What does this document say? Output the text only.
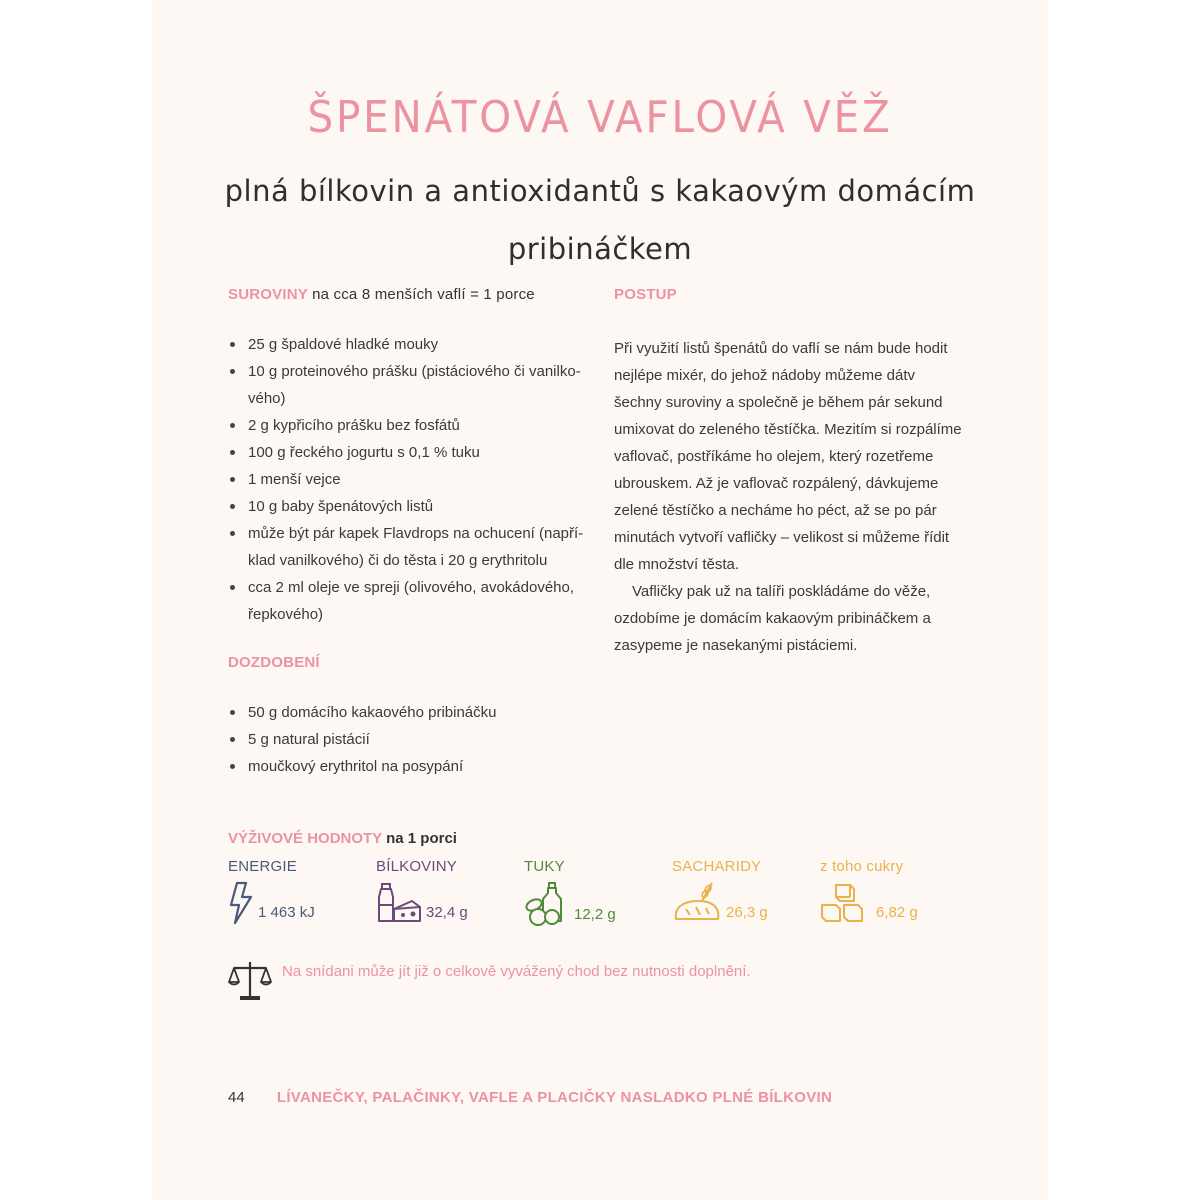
ŠPENÁTOVÁ VAFLOVÁ VĚŽ
plná bílkovin a antioxidantů s kakaovým domácím
pribináčkem
SUROVINY na cca 8 menších vaflí = 1 porce
25 g špaldové hladké mouky
10 g proteinového prášku (pistáciového či vanilko-vého)
2 g kypřicího prášku bez fosfátů
100 g řeckého jogurtu s 0,1 % tuku
1 menší vejce
10 g baby špenátových listů
může být pár kapek Flavdrops na ochucení (napří-klad vanilkového) či do těsta i 20 g erythritolu
cca 2 ml oleje ve spreji (olivového, avokádového, řepkového)
DOZDOBENÍ
50 g domácího kakaového pribináčku
5 g natural pistácií
moučkový erythritol na posypání
POSTUP

Při využití listů špenátů do vaflí se nám bude hodit nejlépe mixér, do jehož nádoby můžeme dátv šechny suroviny a společně je během pár sekund umixovat do zeleného těstíčka. Mezitím si rozpálíme vaflovač, postříkáme ho olejem, který rozetřeme ubrouskem. Až je vaflovač rozpálený, dávkujeme zelené těstíčko a necháme ho péct, až se po pár minutách vytvoří vafličky – velikost si můžeme řídit dle množství těsta.

Vafličky pak už na talíři poskládáme do věže, ozdobíme je domácím kakaovým pribináčkem a zasypeme je nasekanými pistáciemi.

VÝŽIVOVÉ HODNOTY na 1 porci
ENERGIE
1 463 kJ
BÍLKOVINY
32,4 g
TUKY
12,2 g
SACHARIDY
26,3 g
z toho cukry
6,82 g
Na snídani může jít již o celkově vyvážený chod bez nutnosti doplnění.
44 LÍVANEČKY, PALAČINKY, VAFLE A PLACIČKY NASLADKO PLNÉ BÍLKOVIN
